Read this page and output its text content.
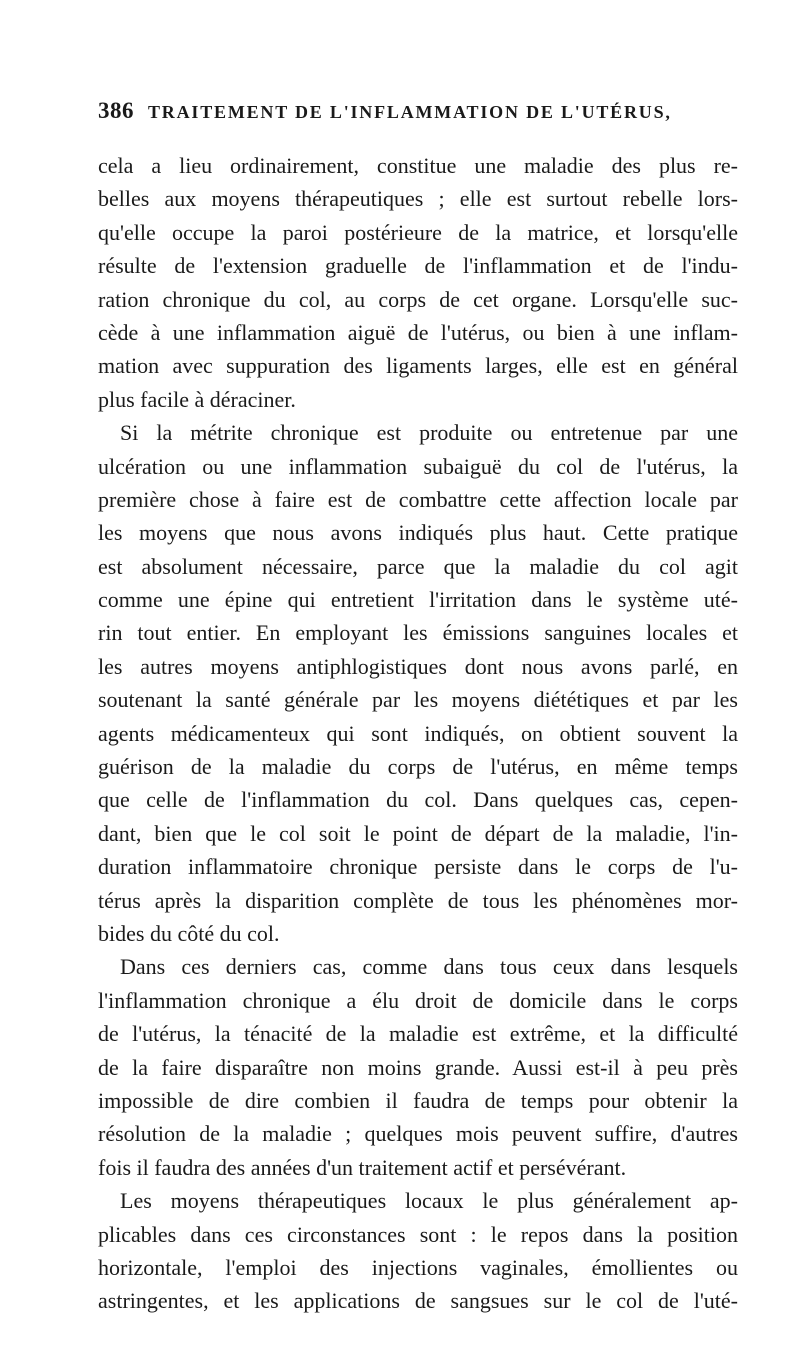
386 TRAITEMENT DE L'INFLAMMATION DE L'UTÉRUS,
cela a lieu ordinairement, constitue une maladie des plus re-
belles aux moyens thérapeutiques ; elle est surtout rebelle lors-
qu'elle occupe la paroi postérieure de la matrice, et lorsqu'elle
résulte de l'extension graduelle de l'inflammation et de l'indu-
ration chronique du col, au corps de cet organe. Lorsqu'elle suc-
cède à une inflammation aiguë de l'utérus, ou bien à une inflam-
mation avec suppuration des ligaments larges, elle est en général
plus facile à déraciner.
Si la métrite chronique est produite ou entretenue par une
ulcération ou une inflammation subaiguë du col de l'utérus, la
première chose à faire est de combattre cette affection locale par
les moyens que nous avons indiqués plus haut. Cette pratique
est absolument nécessaire, parce que la maladie du col agit
comme une épine qui entretient l'irritation dans le système uté-
rin tout entier. En employant les émissions sanguines locales et
les autres moyens antiphlogistiques dont nous avons parlé, en
soutenant la santé générale par les moyens diététiques et par les
agents médicamenteux qui sont indiqués, on obtient souvent la
guérison de la maladie du corps de l'utérus, en même temps
que celle de l'inflammation du col. Dans quelques cas, cepen-
dant, bien que le col soit le point de départ de la maladie, l'in-
duration inflammatoire chronique persiste dans le corps de l'u-
térus après la disparition complète de tous les phénomènes mor-
bides du côté du col.
Dans ces derniers cas, comme dans tous ceux dans lesquels
l'inflammation chronique a élu droit de domicile dans le corps
de l'utérus, la ténacité de la maladie est extrême, et la difficulté
de la faire disparaître non moins grande. Aussi est-il à peu près
impossible de dire combien il faudra de temps pour obtenir la
résolution de la maladie ; quelques mois peuvent suffire, d'autres
fois il faudra des années d'un traitement actif et persévérant.
Les moyens thérapeutiques locaux le plus généralement ap-
plicables dans ces circonstances sont : le repos dans la position
horizontale, l'emploi des injections vaginales, émollientes ou
astringentes, et les applications de sangsues sur le col de l'uté-
